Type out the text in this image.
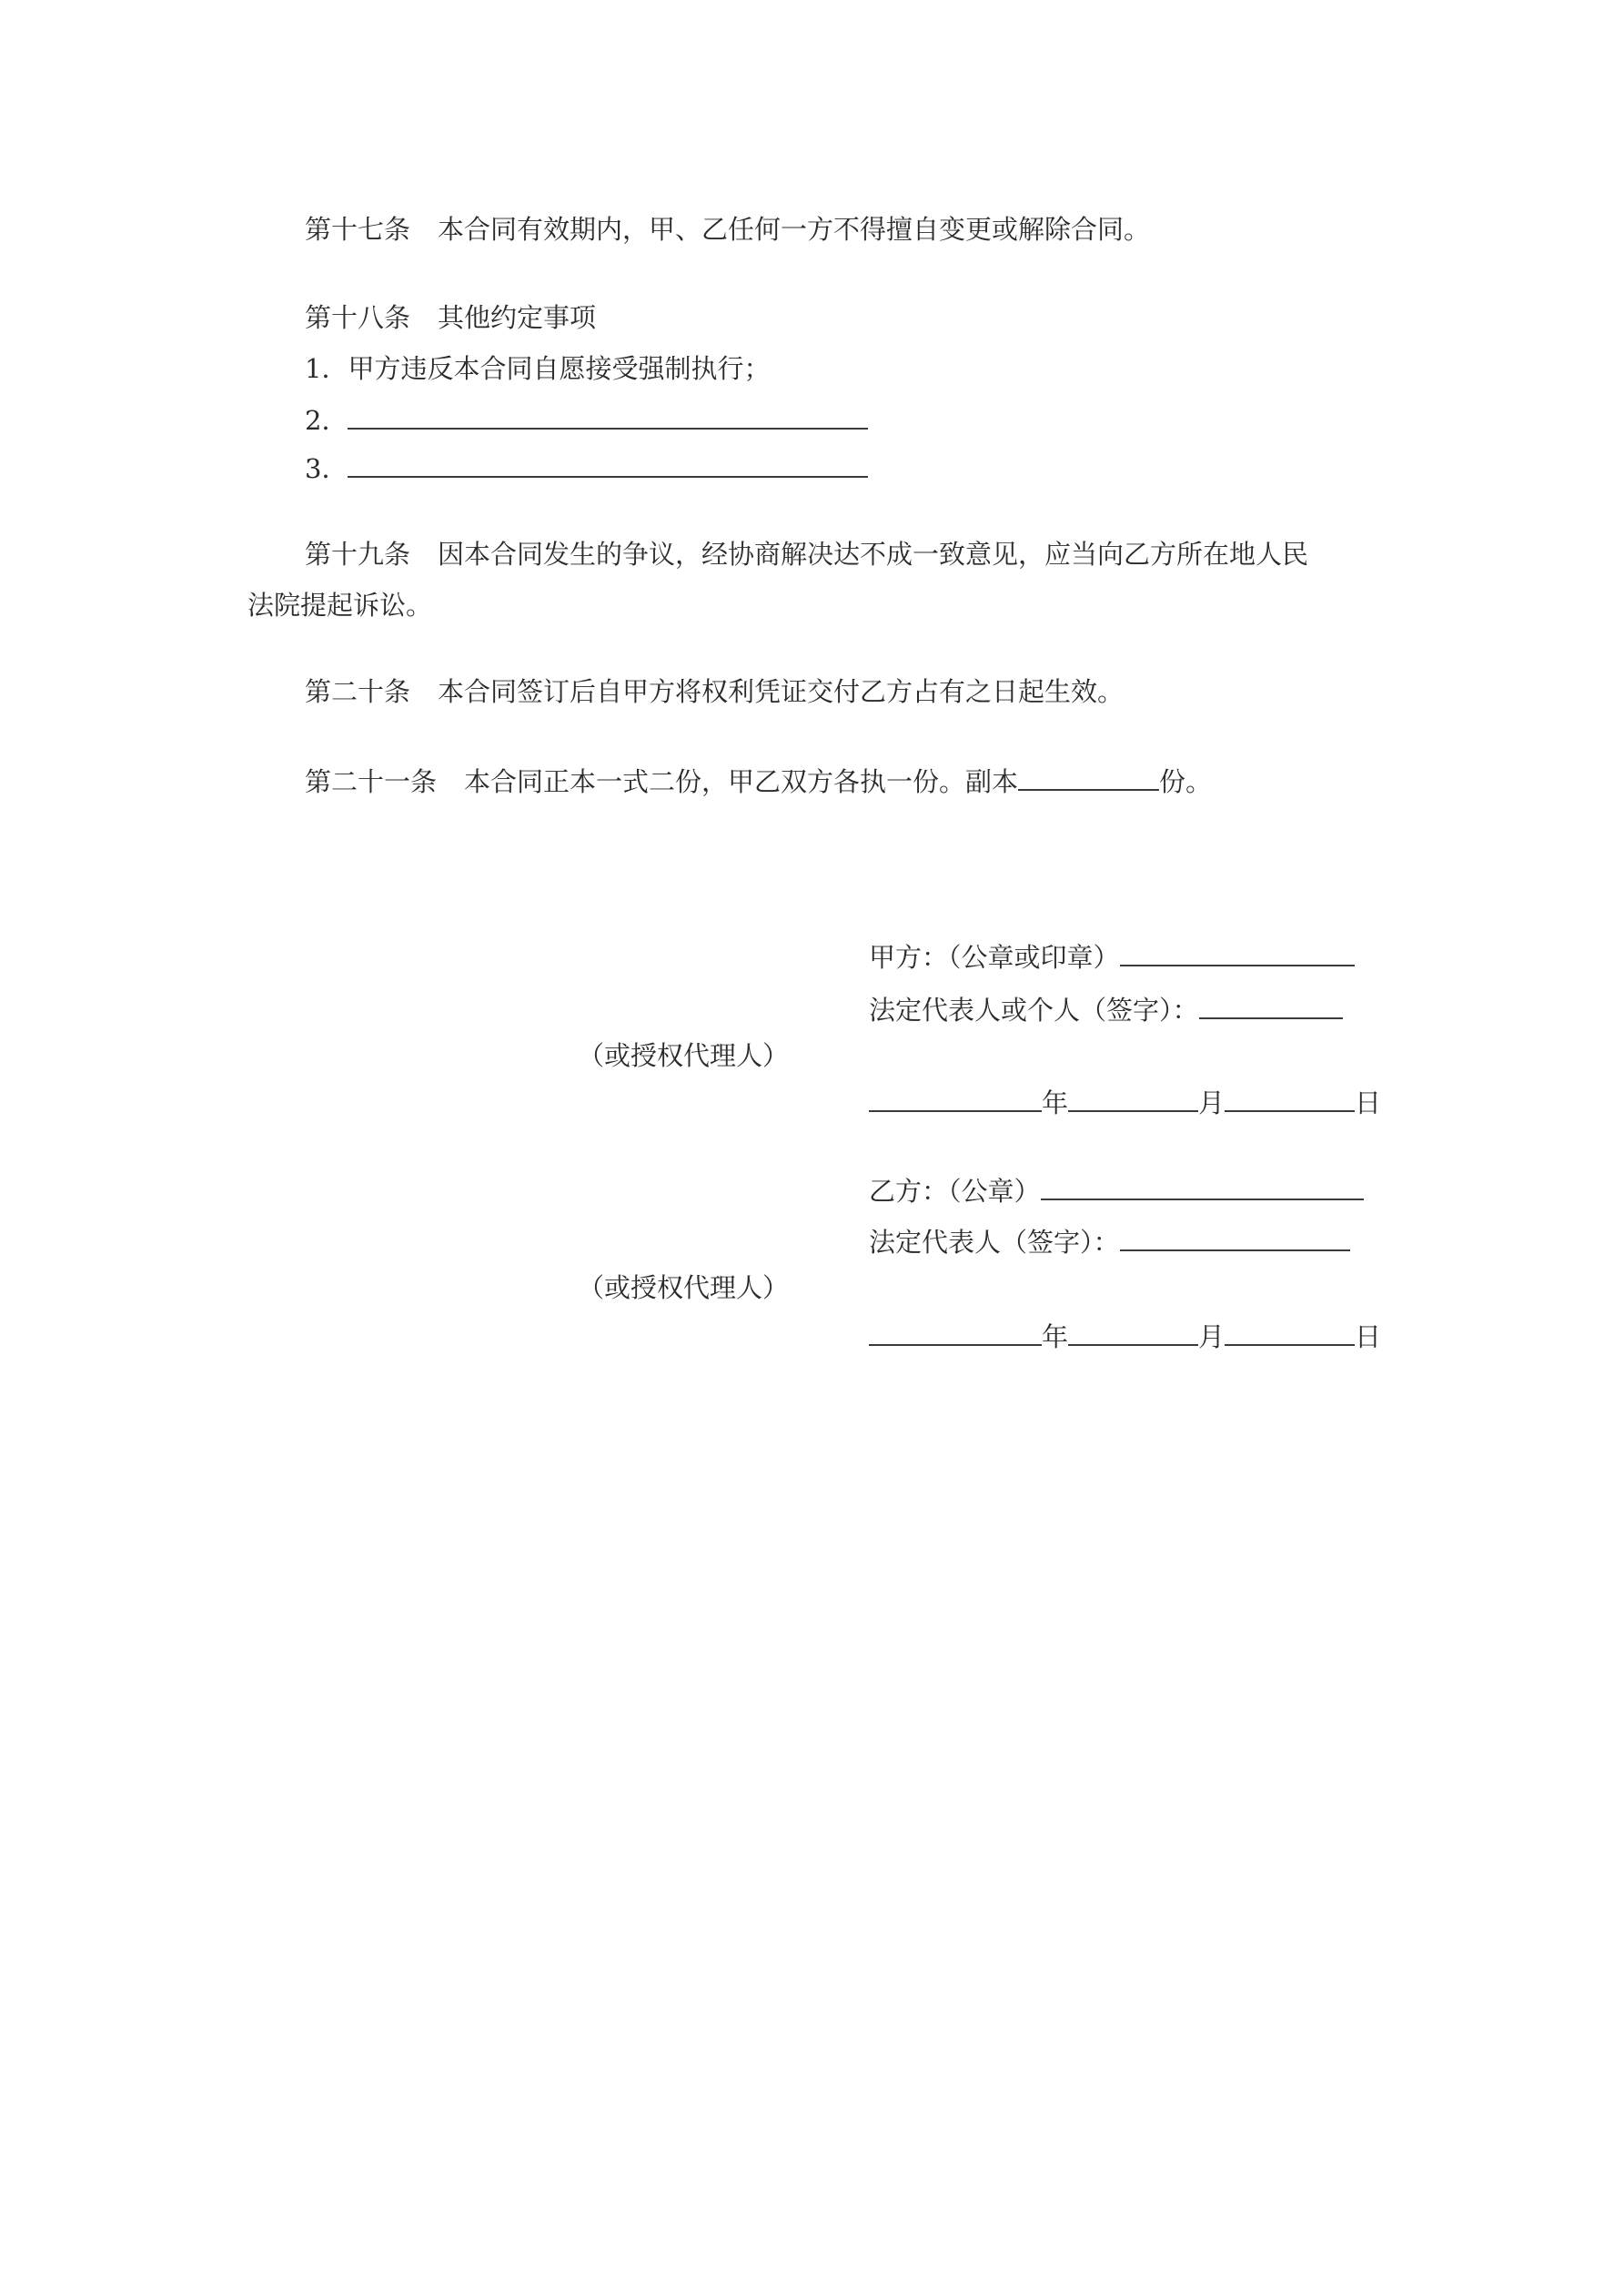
第十七条 本合同有效期内，甲、乙任何一方不得擅自变更或解除合同。
第十八条 其他约定事项
1．甲方违反本合同自愿接受强制执行；
2．
3．
第十九条 因本合同发生的争议，经协商解决达不成一致意见，应当向乙方所在地人民
法院提起诉讼。
第二十条 本合同签订后自甲方将权利凭证交付乙方占有之日起生效。
第二十一条 本合同正本一式二份，甲乙双方各执一份。副本	份。
甲方：（公章或印章）
法定代表人或个人（签字）：
（或授权代理人）
年	月	日
乙方：（公章）
法定代表人（签字）：
（或授权代理人）
年	月	日
